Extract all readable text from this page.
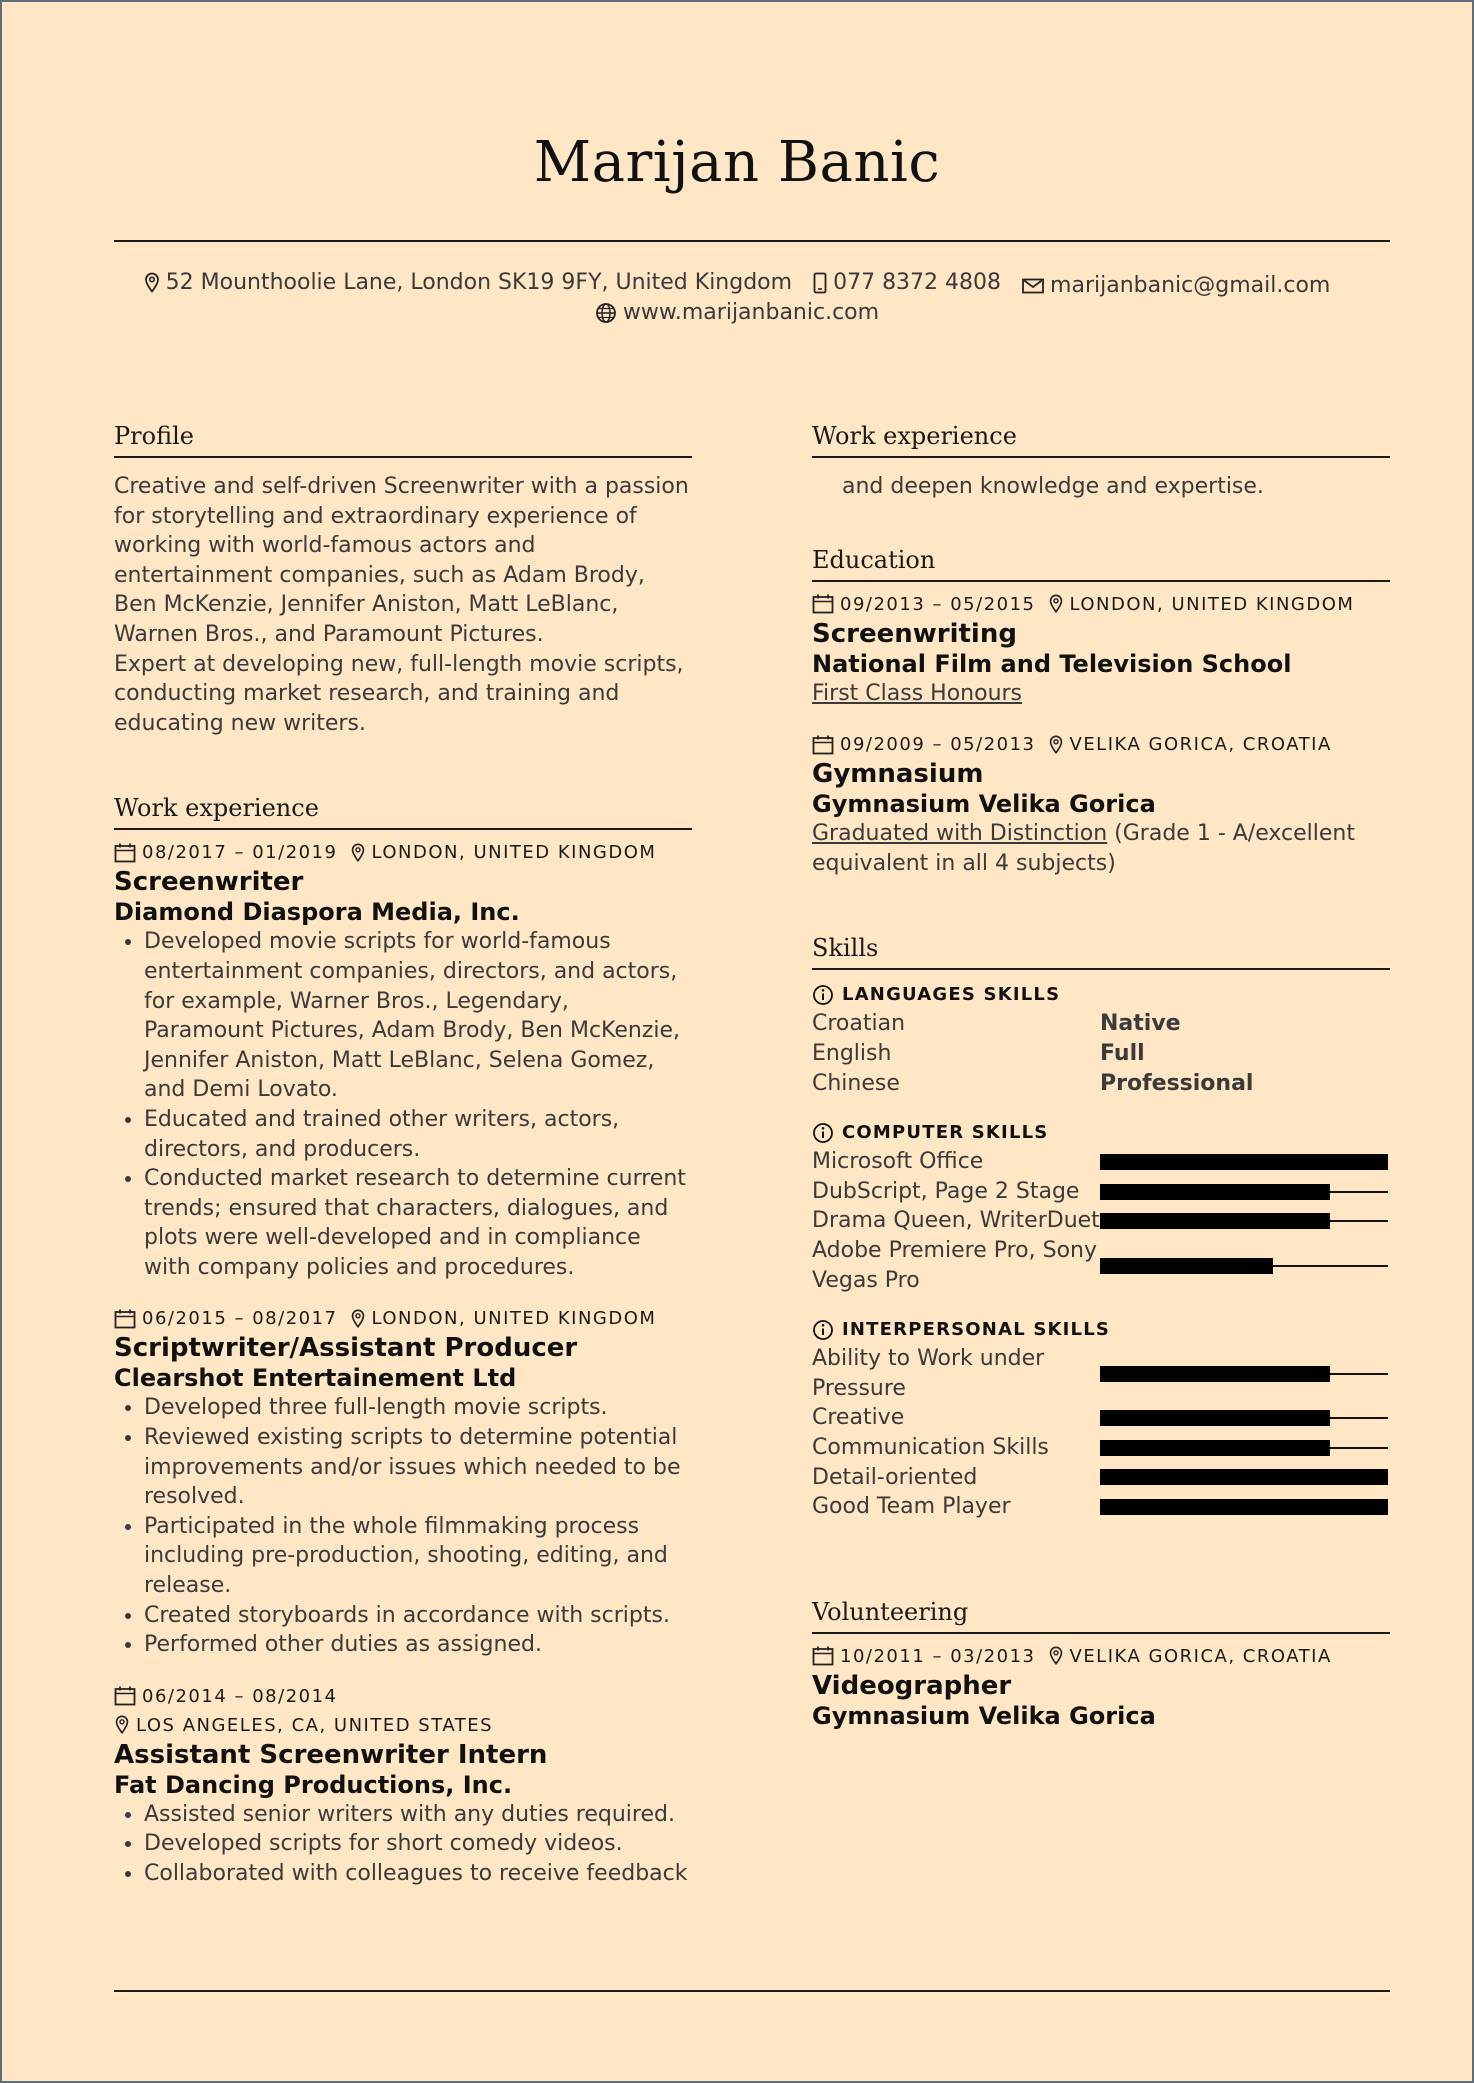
Marijan Banic
52 Mounthoolie Lane, London SK19 9FY, United Kingdom
077 8372 4808
marijanbanic@gmail.com
www.marijanbanic.com
Profile
Creative and self-driven Screenwriter with a passion for storytelling and extraordinary experience of working with world-famous actors and entertainment companies, such as Adam Brody, Ben McKenzie, Jennifer Aniston, Matt LeBlanc, Warnen Bros., and Paramount Pictures.
Expert at developing new, full-length movie scripts, conducting market research, and training and educating new writers.
Work experience
08/2017 – 01/2019 LONDON, UNITED KINGDOM
Screenwriter
Diamond Diaspora Media, Inc.
• Developed movie scripts for world-famous entertainment companies, directors, and actors, for example, Warner Bros., Legendary, Paramount Pictures, Adam Brody, Ben McKenzie, Jennifer Aniston, Matt LeBlanc, Selena Gomez, and Demi Lovato.
• Educated and trained other writers, actors, directors, and producers.
• Conducted market research to determine current trends; ensured that characters, dialogues, and plots were well-developed and in compliance with company policies and procedures.
06/2015 – 08/2017 LONDON, UNITED KINGDOM
Scriptwriter/Assistant Producer
Clearshot Entertainement Ltd
• Developed three full-length movie scripts.
• Reviewed existing scripts to determine potential improvements and/or issues which needed to be resolved.
• Participated in the whole filmmaking process including pre-production, shooting, editing, and release.
• Created storyboards in accordance with scripts.
• Performed other duties as assigned.
06/2014 – 08/2014
LOS ANGELES, CA, UNITED STATES
Assistant Screenwriter Intern
Fat Dancing Productions, Inc.
• Assisted senior writers with any duties required.
• Developed scripts for short comedy videos.
• Collaborated with colleagues to receive feedback
Work experience
and deepen knowledge and expertise.
Education
09/2013 – 05/2015 LONDON, UNITED KINGDOM
Screenwriting
National Film and Television School
First Class Honours
09/2009 – 05/2013 VELIKA GORICA, CROATIA
Gymnasium
Gymnasium Velika Gorica
Graduated with Distinction (Grade 1 - A/excellent equivalent in all 4 subjects)
Skills
LANGUAGES SKILLS
Croatian	Native
English	Full
Chinese	Professional
COMPUTER SKILLS
Microsoft Office
DubScript, Page 2 Stage
Drama Queen, WriterDuet
Adobe Premiere Pro, Sony Vegas Pro
INTERPERSONAL SKILLS
Ability to Work under Pressure
Creative
Communication Skills
Detail-oriented
Good Team Player
Volunteering
10/2011 – 03/2013 VELIKA GORICA, CROATIA
Videographer
Gymnasium Velika Gorica
